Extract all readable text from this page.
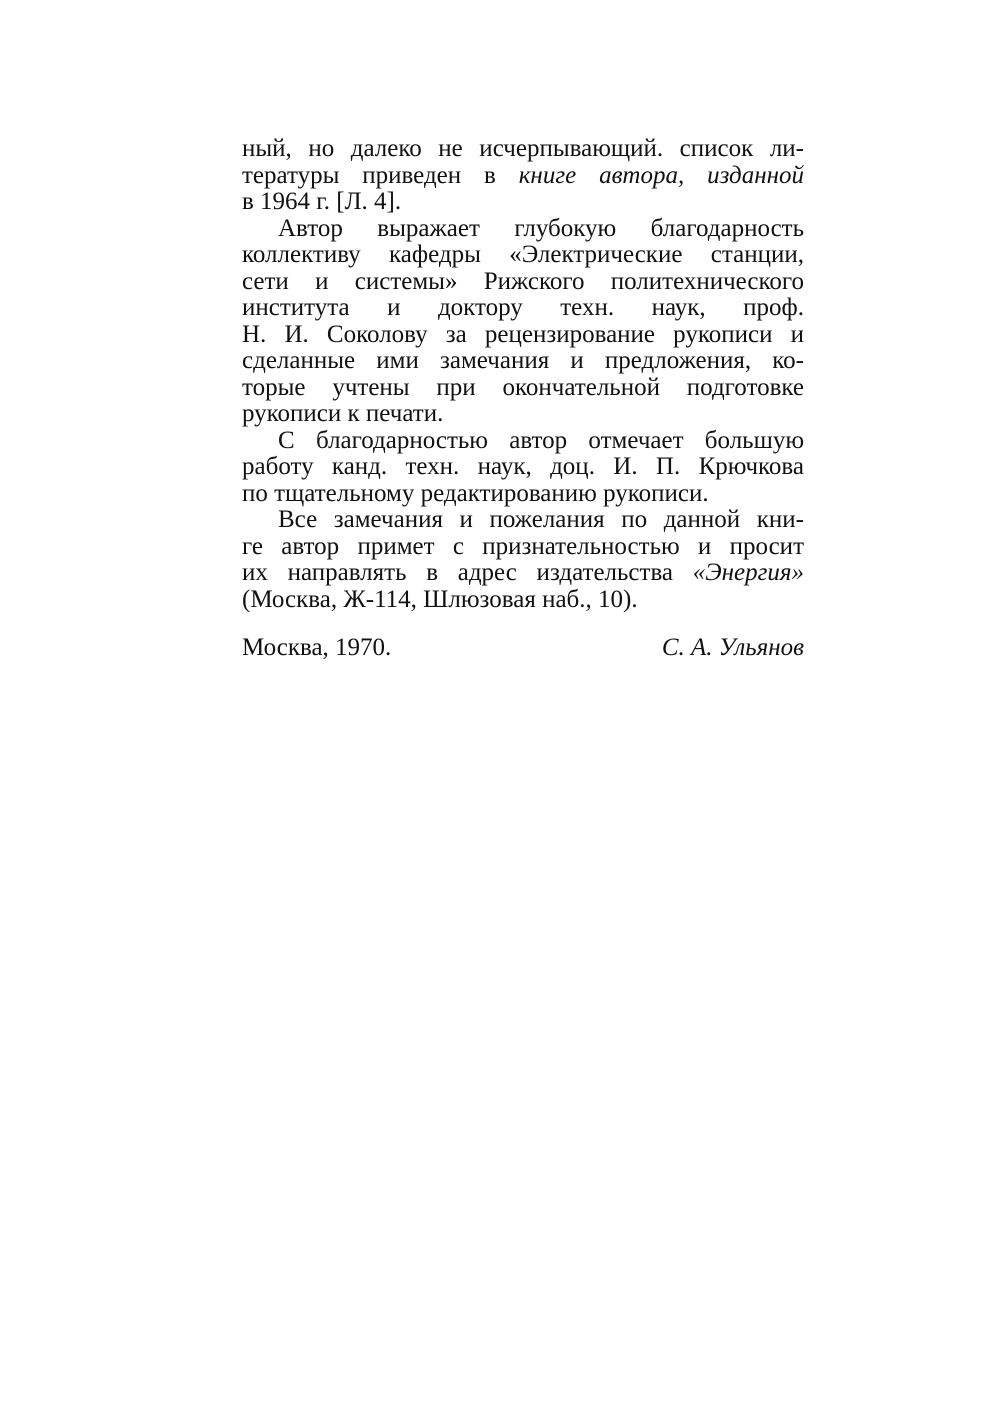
ный, но далеко не исчерпывающий. список ли-
тературы приведен в книге автора, изданной
в 1964 г. [Л. 4].
Автор выражает глубокую благодарность
коллективу кафедры «Электрические станции,
сети и системы» Рижского политехнического
института и доктору техн. наук, проф.
Н. И. Соколову за рецензирование рукописи и
сделанные ими замечания и предложения, ко-
торые учтены при окончательной подготовке
рукописи к печати.
С благодарностью автор отмечает большую
работу канд. техн. наук, доц. И. П. Крючкова
по тщательному редактированию рукописи.
Все замечания и пожелания по данной кни-
ге автор примет с признательностью и просит
их направлять в адрес издательства «Энергия»
(Москва, Ж-114, Шлюзовая наб., 10).
Москва, 1970.	С. А. Ульянов
